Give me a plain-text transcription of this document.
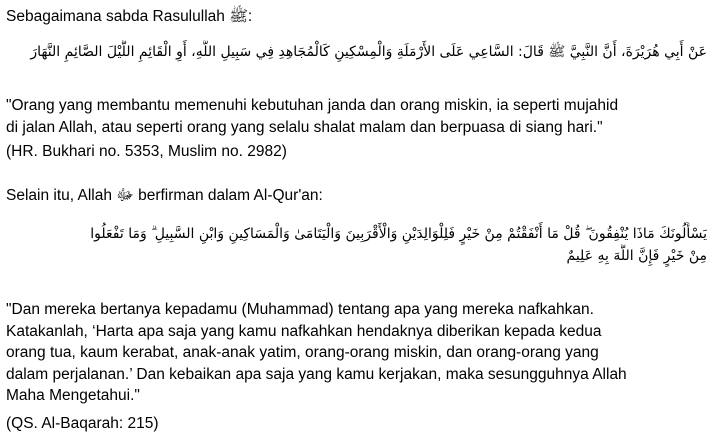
Sebagaimana sabda Rasulullah ﷺ:
عَنْ أَبِي هُرَيْرَةَ، أَنَّ النَّبِيَّ ﷺ قَالَ: السَّاعِي عَلَى الأَرْمَلَةِ وَالْمِسْكِينِ كَالْمُجَاهِدِ فِي سَبِيلِ اللَّهِ، أَوِ الْقَائِمِ اللَّيْلَ الصَّائِمِ النَّهَارَ

"Orang yang membantu memenuhi kebutuhan janda dan orang miskin, ia seperti mujahid

di jalan Allah, atau seperti orang yang selalu shalat malam dan berpuasa di siang hari."

(HR. Bukhari no. 5353, Muslim no. 2982)
Selain itu, Allah ﷻ berfirman dalam Al-Qur'an:
يَسْأَلُونَكَ مَاذَا يُنْفِقُونَ ۖ قُلْ مَا أَنْفَقْتُمْ مِنْ خَيْرٍ فَلِلْوَالِدَيْنِ وَالْأَقْرَبِينَ وَالْيَتَامَىٰ وَالْمَسَاكِينِ وَابْنِ السَّبِيلِ ۗ وَمَا تَفْعَلُوا
مِنْ خَيْرٍ فَإِنَّ اللَّهَ بِهِ عَلِيمٌ

"Dan mereka bertanya kepadamu (Muhammad) tentang apa yang mereka nafkahkan.

Katakanlah, ‘Harta apa saja yang kamu nafkahkan hendaknya diberikan kepada kedua

orang tua, kaum kerabat, anak-anak yatim, orang-orang miskin, dan orang-orang yang

dalam perjalanan.’ Dan kebaikan apa saja yang kamu kerjakan, maka sesungguhnya Allah

Maha Mengetahui."

(QS. Al-Baqarah: 215)
